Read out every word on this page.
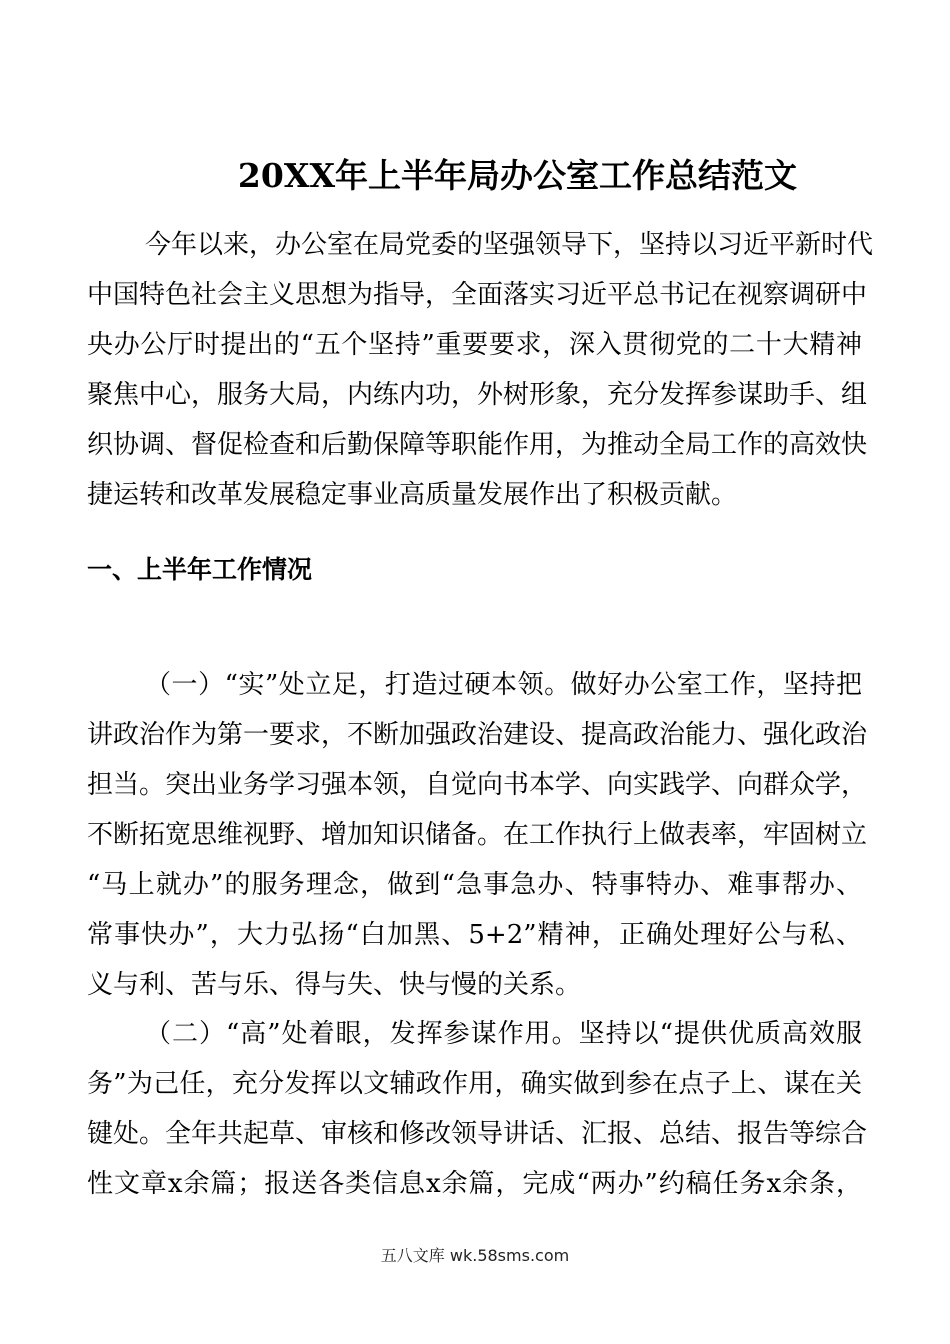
20XX年上半年局办公室工作总结范文
今年以来，办公室在局党委的坚强领导下，坚持以习近平新时代
中国特色社会主义思想为指导，全面落实习近平总书记在视察调研中
央办公厅时提出的“五个坚持”重要要求，深入贯彻党的二十大精神
聚焦中心，服务大局，内练内功，外树形象，充分发挥参谋助手、组
织协调、督促检查和后勤保障等职能作用，为推动全局工作的高效快
捷运转和改革发展稳定事业高质量发展作出了积极贡献。
一、上半年工作情况
（一）“实”处立足，打造过硬本领。做好办公室工作，坚持把
讲政治作为第一要求，不断加强政治建设、提高政治能力、强化政治
担当。突出业务学习强本领，自觉向书本学、向实践学、向群众学，
不断拓宽思维视野、增加知识储备。在工作执行上做表率，牢固树立
“马上就办”的服务理念，做到“急事急办、特事特办、难事帮办、
常事快办”，大力弘扬“白加黑、5+2”精神，正确处理好公与私、
义与利、苦与乐、得与失、快与慢的关系。
（二）“高”处着眼，发挥参谋作用。坚持以“提供优质高效服
务”为己任，充分发挥以文辅政作用，确实做到参在点子上、谋在关
键处。全年共起草、审核和修改领导讲话、汇报、总结、报告等综合
性文章x余篇；报送各类信息x余篇，完成“两办”约稿任务x余条，
五八文库 wk.58sms.com
